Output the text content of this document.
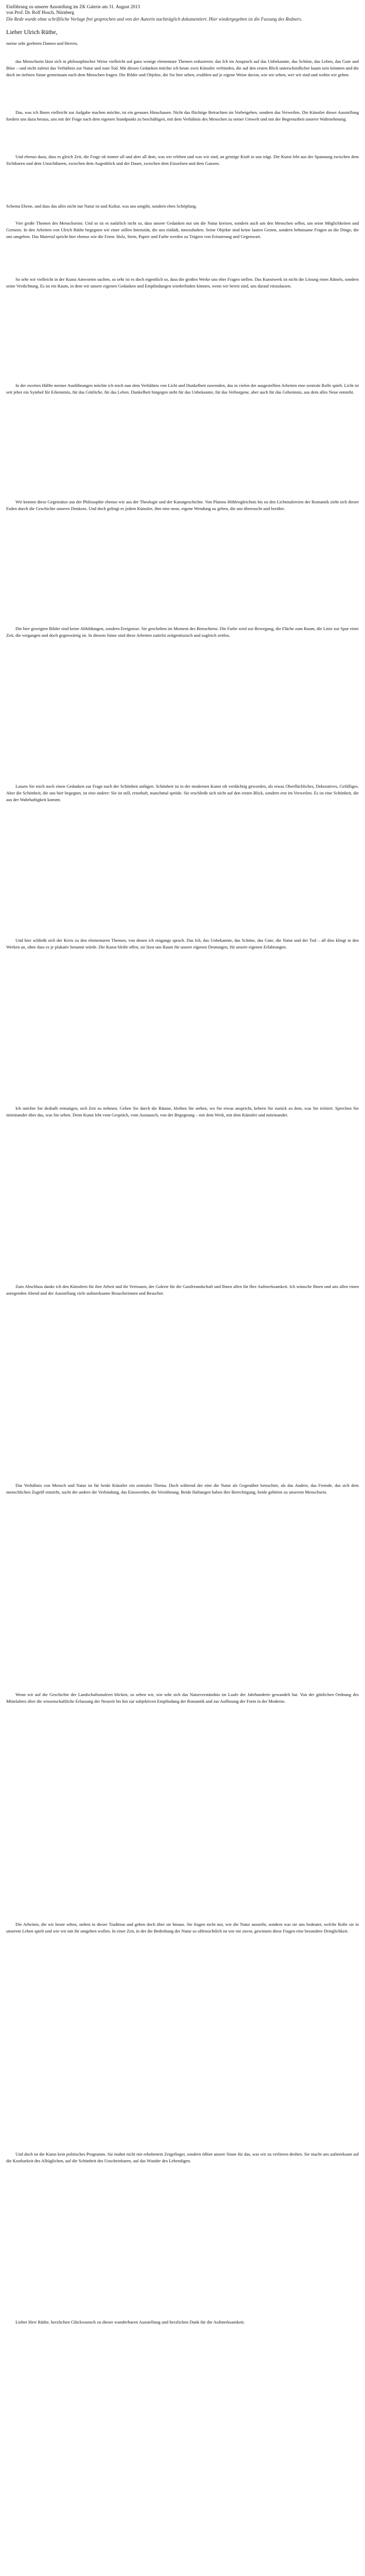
Einführung zu unserer Ausstellung im ZK Galerie am 31. August 2013

von Prof. Dr. Rolf Hosch, Nürnberg

Die Rede wurde ohne schriftliche Vorlage frei gesprochen und von der Autorin nachträglich dokumentiert. Hier wiedergegeben ist die Fassung des Redners.

Lieber Ulrich Rüthe,

meine sehr geehrten Damen und Herren,

das Menschsein lässt sich in philosophischer Weise vielleicht auf ganz wenige elementare Themen reduzieren: das Ich im Anspruch auf das Unbekannte, das Schöne, das Leben, das Gute und Böse – und nicht zuletzt das Verhältnis zur Natur und zum Tod. Mit diesen Gedanken möchte ich heute zwei Künstler verbinden, die auf den ersten Blick unterschiedlicher kaum sein könnten und die doch im tiefsten Sinne gemeinsam nach dem Menschen fragen. Die Bilder und Objekte, die Sie hier sehen, erzählen auf je eigene Weise davon, wie wir sehen, wer wir sind und wohin wir gehen.

Das, was ich Ihnen vielleicht zur Aufgabe machen möchte, ist ein genaues Hinschauen. Nicht das flüchtige Betrachten im Vorbeigehen, sondern das Verweilen. Die Künstler dieser Ausstellung fordern uns dazu heraus, uns mit der Frage nach dem eigenen Standpunkt zu beschäftigen, mit dem Verhältnis des Menschen zu seiner Umwelt und mit der Begrenztheit unserer Wahrnehmung.

Und ebenso dazu, dass es gleich Zeit, die Frage ob immer all und aber all dem, was wir erleben und was wir sind, an geistige Kraft in uns trägt. Die Kunst lebt aus der Spannung zwischen dem Sichtbaren und dem Unsichtbaren, zwischen dem Augenblick und der Dauer, zwischen dem Einzelnen und dem Ganzen.

Schema Ebene, und dass das alles nicht nur Natur ist und Kultur, was uns umgibt, sondern eben Schöpfung.

Vier große Themen des Menschseins: Und so ist es natürlich nicht so, dass unsere Gedanken nur um die Natur kreisen, sondern auch um den Menschen selbst, um seine Möglichkeiten und Grenzen. In den Arbeiten von Ulrich Rüthe begegnen wir einer stillen Intensität, die uns einlädt, innezuhalten. Seine Objekte sind keine lauten Gesten, sondern behutsame Fragen an die Dinge, die uns umgeben. Das Material spricht hier ebenso wie die Form: Holz, Stein, Papier und Farbe werden zu Trägern von Erinnerung und Gegenwart.

So sehr wir vielleicht in der Kunst Antworten suchen, so sehr ist es doch eigentlich so, dass die großen Werke uns eher Fragen stellen. Das Kunstwerk ist nicht die Lösung eines Rätsels, sondern seine Verdichtung. Es ist ein Raum, in dem wir unsere eigenen Gedanken und Empfindungen wiederfinden können, wenn wir bereit sind, uns darauf einzulassen.

In der zweiten Hälfte meiner Ausführungen möchte ich mich nun dem Verhältnis von Licht und Dunkelheit zuwenden, das in vielen der ausgestellten Arbeiten eine zentrale Rolle spielt. Licht ist seit jeher ein Symbol für Erkenntnis, für das Göttliche, für das Leben. Dunkelheit hingegen steht für das Unbekannte, für das Verborgene, aber auch für das Geheimnis, aus dem alles Neue entsteht.

Wir kennen diese Gegensätze aus der Philosophie ebenso wie aus der Theologie und der Kunstgeschichte. Von Platons Höhlengleichnis bis zu den Lichtmalereien der Romantik zieht sich dieser Faden durch die Geschichte unseres Denkens. Und doch gelingt es jedem Künstler, ihm eine neue, eigene Wendung zu geben, die uns überrascht und berührt.

Die hier gezeigten Bilder sind keine Abbildungen, sondern Ereignisse. Sie geschehen im Moment des Betrachtens. Die Farbe wird zur Bewegung, die Fläche zum Raum, die Linie zur Spur einer Zeit, die vergangen und doch gegenwärtig ist. In diesem Sinne sind diese Arbeiten zutiefst zeitgenössisch und zugleich zeitlos.

Lassen Sie mich noch einen Gedanken zur Frage nach der Schönheit anfügen. Schönheit ist in der modernen Kunst oft verdächtig geworden, als etwas Oberflächliches, Dekoratives, Gefälliges. Aber die Schönheit, die uns hier begegnet, ist eine andere: Sie ist still, ernsthaft, manchmal spröde. Sie erschließt sich nicht auf den ersten Blick, sondern erst im Verweilen. Es ist eine Schönheit, die aus der Wahrhaftigkeit kommt.

Und hier schließt sich der Kreis zu den elementaren Themen, von denen ich eingangs sprach. Das Ich, das Unbekannte, das Schöne, das Gute, die Natur und der Tod – all dies klingt in den Werken an, ohne dass es je plakativ benannt würde. Die Kunst bleibt offen, sie lässt uns Raum für unsere eigenen Deutungen, für unsere eigenen Erfahrungen.

Ich möchte Sie deshalb ermutigen, sich Zeit zu nehmen. Gehen Sie durch die Räume, bleiben Sie stehen, wo Sie etwas anspricht, kehren Sie zurück zu dem, was Sie irritiert. Sprechen Sie miteinander über das, was Sie sehen. Denn Kunst lebt vom Gespräch, vom Austausch, von der Begegnung – mit dem Werk, mit dem Künstler und miteinander.

Zum Abschluss danke ich den Künstlern für ihre Arbeit und ihr Vertrauen, der Galerie für die Gastfreundschaft und Ihnen allen für Ihre Aufmerksamkeit. Ich wünsche Ihnen und uns allen einen anregenden Abend und der Ausstellung viele aufmerksame Besucherinnen und Besucher.

Das Verhältnis von Mensch und Natur ist für beide Künstler ein zentrales Thema. Doch während der eine die Natur als Gegenüber betrachtet, als das Andere, das Fremde, das sich dem menschlichen Zugriff entzieht, sucht der andere die Verbindung, das Einswerden, die Versöhnung. Beide Haltungen haben ihre Berechtigung, beide gehören zu unserem Menschsein.

Wenn wir auf die Geschichte der Landschaftsmalerei blicken, so sehen wir, wie sehr sich das Naturverständnis im Laufe der Jahrhunderte gewandelt hat. Von der göttlichen Ordnung des Mittelalters über die wissenschaftliche Erfassung der Neuzeit bis hin zur subjektiven Empfindung der Romantik und zur Auflösung der Form in der Moderne.

Die Arbeiten, die wir heute sehen, stehen in dieser Tradition und gehen doch über sie hinaus. Sie fragen nicht nur, wie die Natur aussieht, sondern was sie uns bedeutet, welche Rolle sie in unserem Leben spielt und wie wir mit ihr umgehen wollen. In einer Zeit, in der die Bedrohung der Natur so offensichtlich ist wie nie zuvor, gewinnen diese Fragen eine besondere Dringlichkeit.

Und doch ist die Kunst kein politisches Programm. Sie mahnt nicht mit erhobenem Zeigefinger, sondern öffnet unsere Sinne für das, was wir zu verlieren drohen. Sie macht uns aufmerksam auf die Kostbarkeit des Alltäglichen, auf die Schönheit des Unscheinbaren, auf das Wunder des Lebendigen.

Lieber Herr Rüthe, herzlichen Glückwunsch zu dieser wunderbaren Ausstellung und herzlichen Dank für die Aufmerksamkeit.
